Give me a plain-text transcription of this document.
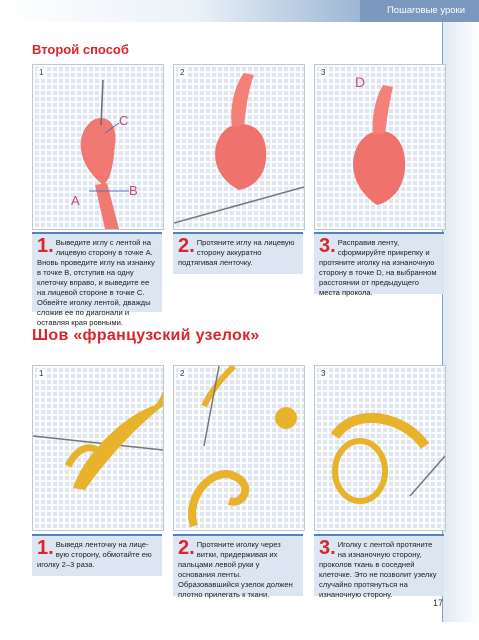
Пошаговые уроки
Второй способ
1
C
A
B
2	3
D
1. Выведите иглу с лентой на лицевую сторону в точке А. Вновь проведите иглу на изнанку в точке В, отступив на одну клеточку вправо, и выведите ее на лицевой стороне в точке С. Обвейте иголку лентой, дважды сложив ее по диагонали и оставляя края ровными.
2. Протяните иглу на лицевую сторону аккуратно подтягивая ленточку.
3. Расправив ленту, сформируйте прикрепку и протяните иголку на изнаночную сторону в точке D, на выбранном расстоянии от предыдущего места прокола.
Шов «французский узелок»
1	2	3
1. Выведя ленточку на лицевую сторону, обмотайте ею иголку 2–3 раза.
2. Протяните иголку через витки, придерживая их пальцами левой руки у основания ленты. Образовавшийся узелок должен плотно прилегать к ткани.
3. Иголку с лентой протяните на изнаночную сторону, проколов ткань в соседней клеточке. Это не позволит узелку случайно протянуться на изнаночную сторону.
17
